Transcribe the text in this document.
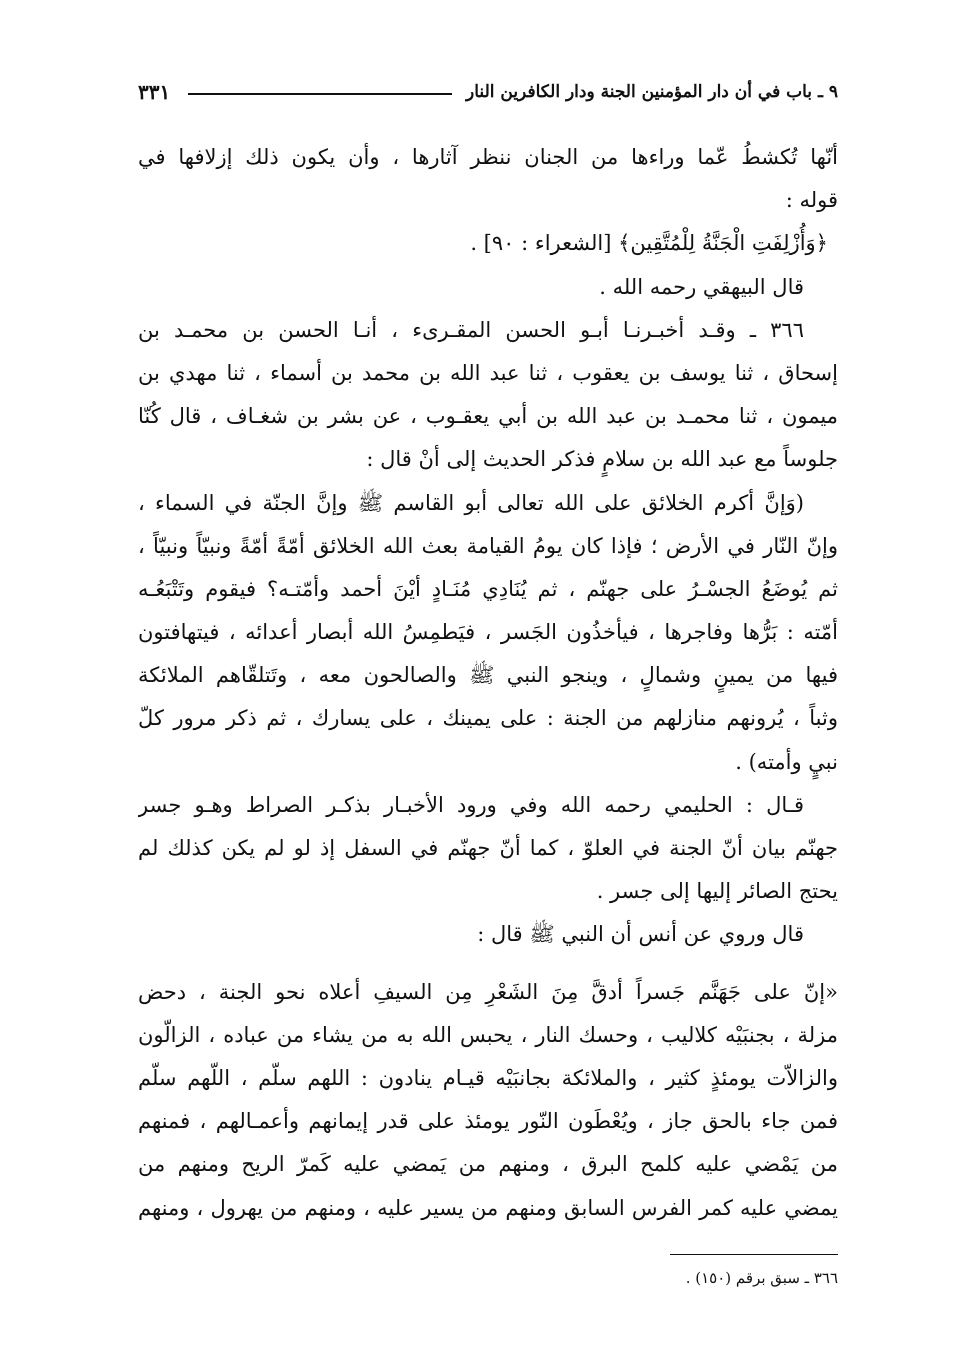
٩ ـ باب في أن دار المؤمنين الجنة ودار الكافرين النار
٣٣١
أنّها تُكشطُ عّما وراءها من الجنان ننظر آثارها ، وأن يكون ذلك إزلافها في
قوله :
﴿وَأُزْلِفَتِ الْجَنَّةُ لِلْمُتَّقِين﴾ [الشعراء : ٩٠] .
قال البيهقي رحمه الله .
٣٦٦ ـ وقـد أخبـرنـا أبـو الحسن المقـرىء ، أنـا الحسن بن محمـد بن
إسحاق ، ثنا يوسف بن يعقوب ، ثنا عبد الله بن محمد بن أسماء ، ثنا مهدي بن
ميمون ، ثنا محمـد بن عبد الله بن أبي يعقـوب ، عن بشر بن شغـاف ، قال كُنّا
جلوساً مع عبد الله بن سلامٍ فذكر الحديث إلى أنْ قال :
(وَإنَّ أكرم الخلائق على الله تعالى أبو القاسم ﷺ وإنَّ الجنّة في السماء ،
وإنّ النّار في الأرض ؛ فإذا كان يومُ القيامة بعث الله الخلائق أمّةً أمّةً ونبيّاً ونبيّاً ،
ثم يُوضَعُ الجسْـرُ على جهنّم ، ثم يُنَادِي مُنَـادٍ أيْنَ أحمد وأمّتـه؟ فيقوم وتَتْبَعُـه
أمّته : بَرُّها وفاجرها ، فيأخذُون الجَسر ، فيَطمِسُ الله أبصار أعدائه ، فيتهافتون
فيها من يمينٍ وشمالٍ ، وينجو النبي ﷺ والصالحون معه ، وتَتلقّاهم الملائكة
وثباً ، يُرونهم منازلهم من الجنة : على يمينك ، على يسارك ، ثم ذكر مرور كلّ
نبيٍ وأمته) .
قـال : الحليمي رحمه الله وفي ورود الأخبـار بذكـر الصراط وهـو جسر
جهنّم بيان أنّ الجنة في العلوّ ، كما أنّ جهنّم في السفل إذ لو لم يكن كذلك لم
يحتج الصائر إليها إلى جسر .
قال وروي عن أنس أن النبي ﷺ قال :
«إنّ على جَهَنَّم جَسراً أدقَّ مِنَ الشَعْرِ مِن السيفِ أعلاه نحو الجنة ، دحض
مزلة ، بجنبَيْه كلاليب ، وحسك النار ، يحبس الله به من يشاء من عباده ، الزالّون
والزالاّت يومئذٍ كثير ، والملائكة بجانبَيْه قيـام ينادون : اللهم سلّم ، اللّهم سلّم
فمن جاء بالحق جاز ، ويُعْطَون النّور يومئذ على قدر إيمانهم وأعمـالهم ، فمنهم
من يَمْضي عليه كلمح البرق ، ومنهم من يَمضي عليه كَمرّ الريح ومنهم من
يمضي عليه كمر الفرس السابق ومنهم من يسير عليه ، ومنهم من يهرول ، ومنهم
٣٦٦ ـ سبق برقم (١٥٠) .
